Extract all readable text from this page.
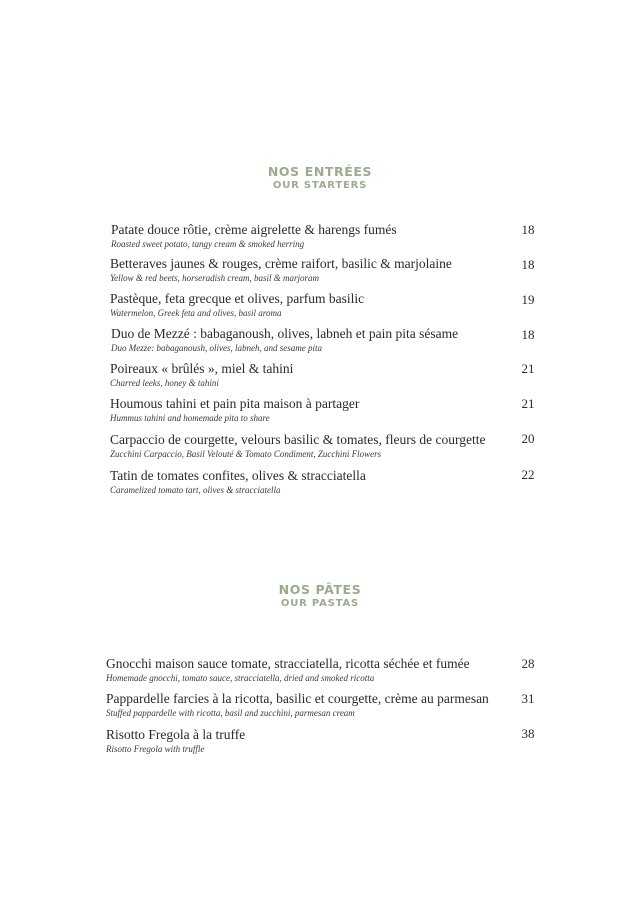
NOS ENTRÉES
OUR STARTERS
Patate douce rôtie, crème aigrelette & harengs fumés
Roasted sweet potato, tangy cream & smoked herring
18
Betteraves jaunes & rouges, crème raifort, basilic & marjolaine
Yellow & red beets, horseradish cream, basil & marjoram
18
Pastèque, feta grecque et olives, parfum basilic
Watermelon, Greek feta and olives, basil aroma
19
Duo de Mezzé : babaganoush, olives, labneh et pain pita sésame
Duo Mezze: babaganoush, olives, labneh, and sesame pita
18
Poireaux « brûlés », miel & tahini
Charred leeks, honey & tahini
21
Houmous tahini et pain pita maison à partager
Hummus tahini and homemade pita to share
21
Carpaccio de courgette, velours basilic & tomates, fleurs de courgette
Zucchini Carpaccio, Basil Velouté & Tomato Condiment, Zucchini Flowers
20
Tatin de tomates confites, olives & stracciatella
Caramelized tomato tart, olives & stracciatella
22
NOS PÂTES
OUR PASTAS
Gnocchi maison sauce tomate, stracciatella, ricotta séchée et fumée
Homemade gnocchi, tomato sauce, stracciatella, dried and smoked ricotta
28
Pappardelle farcies à la ricotta, basilic et courgette, crème au parmesan
Stuffed pappardelle with ricotta, basil and zucchini, parmesan cream
31
Risotto Fregola à la truffe
Risotto Fregola with truffle
38
